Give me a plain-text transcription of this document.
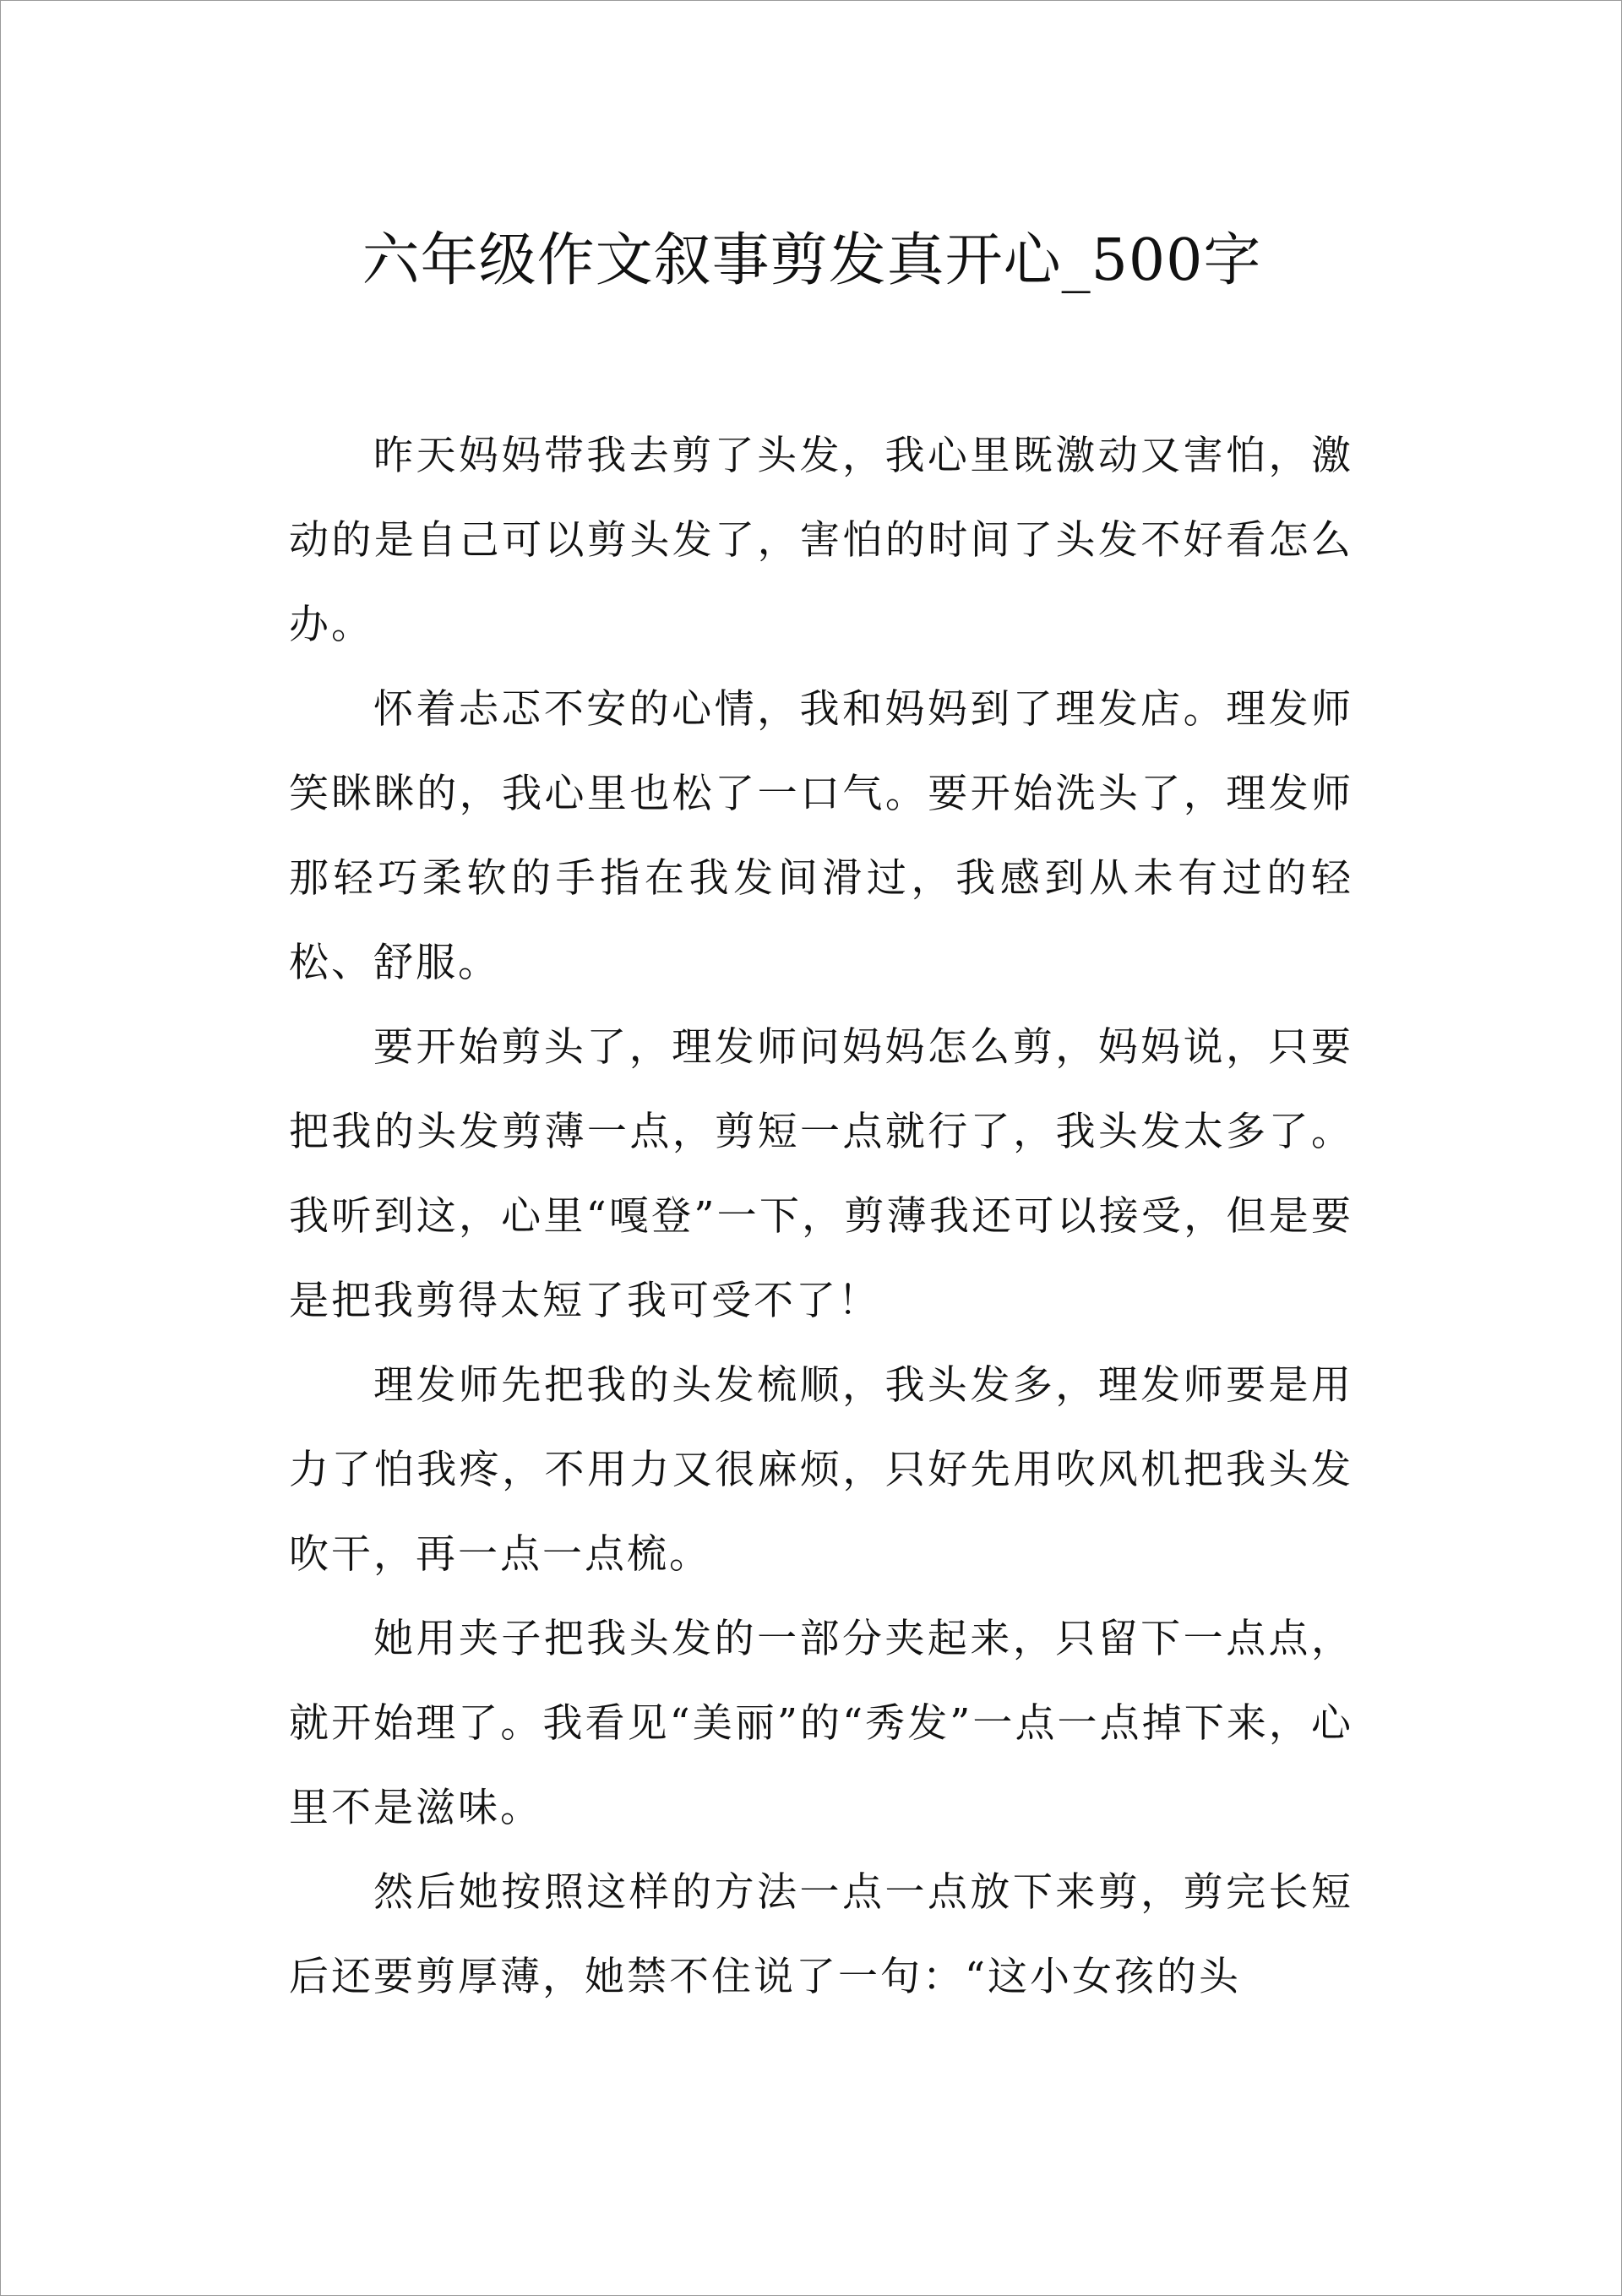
六年级作文叙事剪发真开心_500字

昨天妈妈带我去剪了头发，我心里既激动又害怕，激动的是自己可以剪头发了，害怕的时间了头发不好看怎么办。

怀着忐忑不安的心情，我和妈妈到了理发店。理发师笑眯眯的，我心里也松了一口气。要开始洗头了，理发师那轻巧柔软的手指在我发间滑过，我感到从未有过的轻松、舒服。

要开始剪头了，理发师问妈妈怎么剪，妈妈说，只要把我的头发剪薄一点，剪短一点就行了，我头发太多了。我听到这，心里“嘎登”一下，剪薄我还可以接受，但是要是把我剪得太短了我可受不了！

理发师先把我的头发梳顺，我头发多，理发师要是用力了怕我疼，不用力又很麻烦，只好先用吹风机把我头发吹干，再一点一点梳。

她用夹子把我头发的一部分夹起来，只留下一点点，就开始理了。我看见“美丽”的“秀发”一点一点掉下来，心里不是滋味。

然后她按照这样的方法一点一点放下来剪，剪完长短后还要剪厚薄，她禁不住说了一句：“这小女孩的头
